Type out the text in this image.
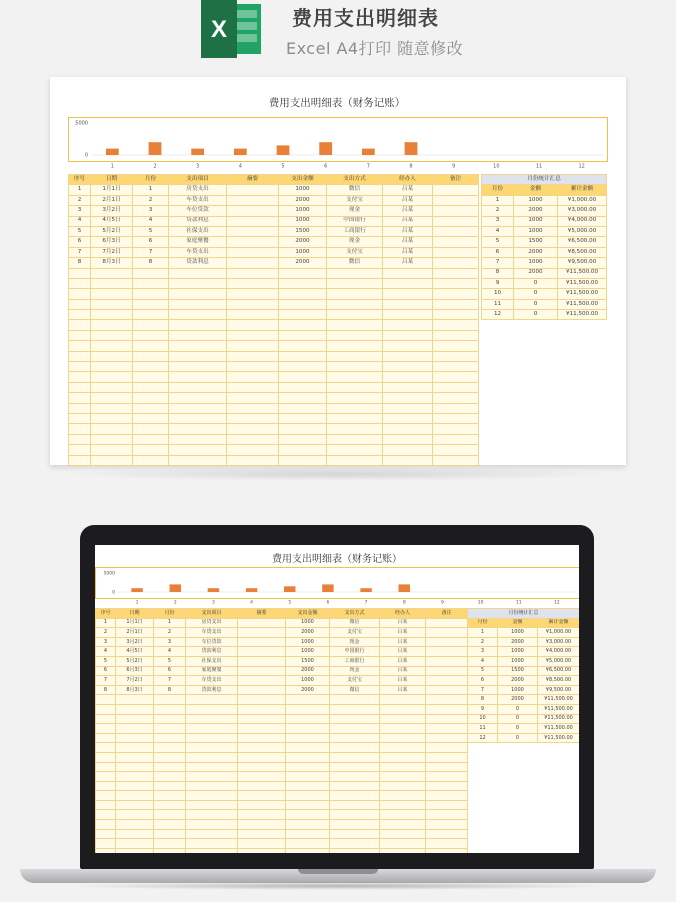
X	费用支出明细表
Excel A4打印 随意修改
费用支出明细表（财务记账）
5000
0
1	2	3	4	5	6	7	8	9	10	11	12
序号	日期	月份	支出项目	摘要	支出金额	支出方式	经办人	备注
1	1月1日	1	房贷支出		1000	微信	吕某	
2	2月1日	2	车贷支出		2000	支付宝	吕某	
3	3月2日	3	车位贷款		1000	现金	吕某	
4	4月5日	4	贷款利息		1000	中国银行	吕某	
5	5月2日	5	社保支出		1500	工商银行	吕某	
6	6月3日	6	家庭聚餐		2000	现金	吕某	
7	7月2日	7	车贷支出		1000	支付宝	吕某	
8	8月3日	8	贷款利息		2000	微信	吕某	

月份统计汇总		
月份	金额	累计金额
1	1000	¥1,000.00
2	2000	¥3,000.00
3	1000	¥4,000.00
4	1000	¥5,000.00
5	1500	¥6,500.00
6	2000	¥8,500.00
7	1000	¥9,500.00
8	2000	¥11,500.00
9	0	¥11,500.00
10	0	¥11,500.00
11	0	¥11,500.00
12	0	¥11,500.00
费用支出明细表（财务记账）
5000
0
1	2	3	4	5	6	7	8	9	10	11	12
序号	日期	月份	支出项目	摘要	支出金额	支出方式	经办人	备注
1	1月1日	1	房贷支出		1000	微信	吕某	
2	2月1日	2	车贷支出		2000	支付宝	吕某	
3	3月2日	3	车位贷款		1000	现金	吕某	
4	4月5日	4	贷款利息		1000	中国银行	吕某	
5	5月2日	5	社保支出		1500	工商银行	吕某	
6	6月3日	6	家庭聚餐		2000	现金	吕某	
7	7月2日	7	车贷支出		1000	支付宝	吕某	
8	8月3日	8	贷款利息		2000	微信	吕某	

月份统计汇总		
月份	金额	累计金额
1	1000	¥1,000.00
2	2000	¥3,000.00
3	1000	¥4,000.00
4	1000	¥5,000.00
5	1500	¥6,500.00
6	2000	¥8,500.00
7	1000	¥9,500.00
8	2000	¥11,500.00
9	0	¥11,500.00
10	0	¥11,500.00
11	0	¥11,500.00
12	0	¥11,500.00
